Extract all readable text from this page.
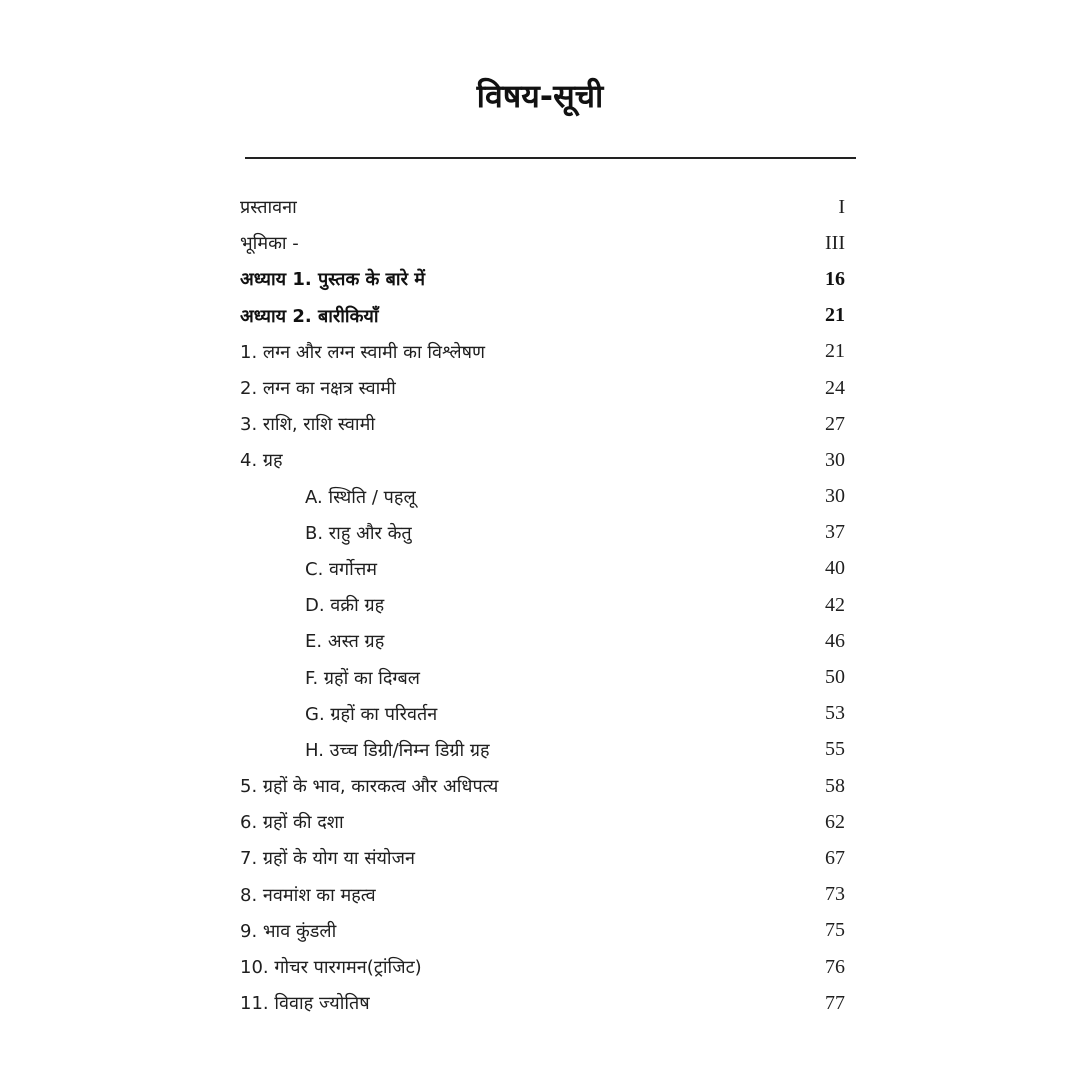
विषय-सूची
प्रस्तावना	I
भूमिका -	III
अध्याय 1. पुस्तक के बारे में	16
अध्याय 2. बारीकियाँ	21
1. लग्न और लग्न स्वामी का विश्लेषण	21
2. लग्न का नक्षत्र स्वामी	24
3. राशि, राशि स्वामी	27
4. ग्रह	30
A. स्थिति / पहलू	30
B. राहु और केतु	37
C. वर्गोत्तम	40
D. वक्री ग्रह	42
E. अस्त ग्रह	46
F. ग्रहों का दिग्बल	50
G. ग्रहों का परिवर्तन	53
H. उच्च डिग्री/निम्न डिग्री ग्रह	55
5. ग्रहों के भाव, कारकत्व और अधिपत्य	58
6. ग्रहों की दशा	62
7. ग्रहों के योग या संयोजन	67
8. नवमांश का महत्व	73
9. भाव कुंडली	75
10. गोचर पारगमन(ट्रांजिट)	76
11. विवाह ज्योतिष	77
